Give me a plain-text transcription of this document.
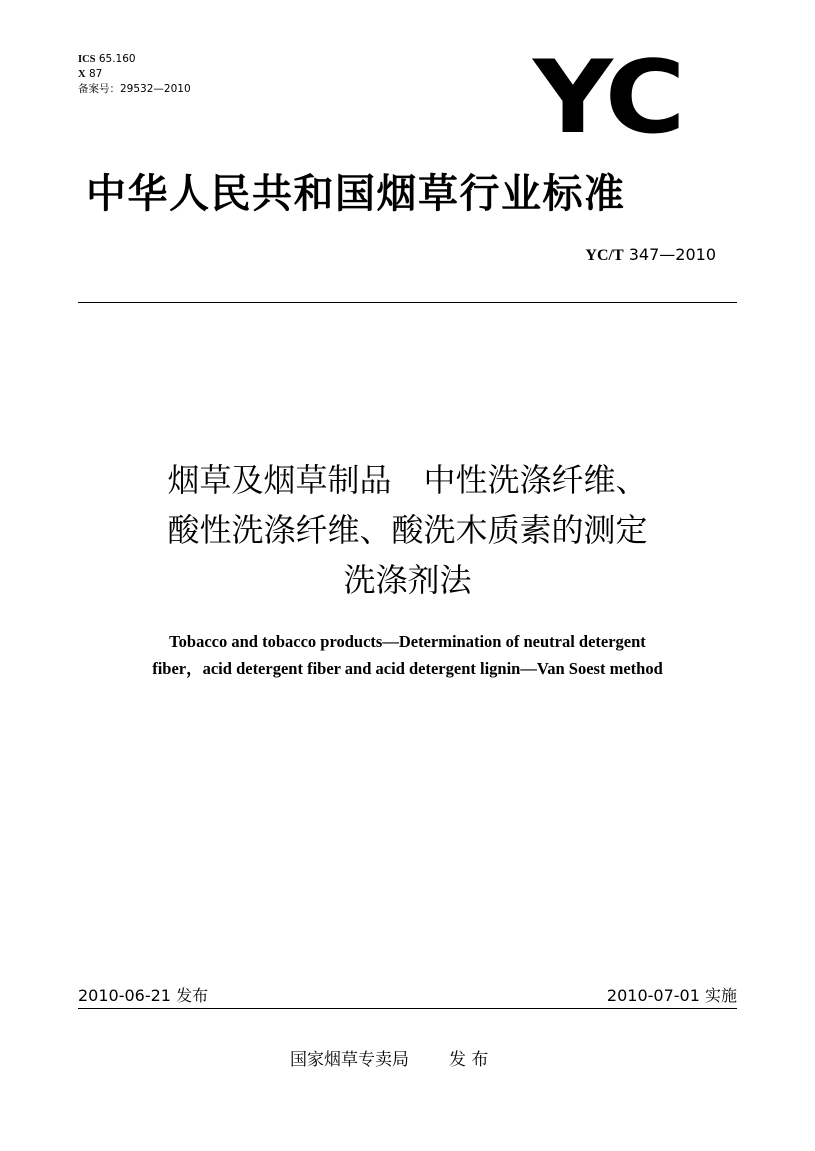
ICS 65.160
X 87
备案号：29532—2010	YC
中华人民共和国烟草行业标准
YC/T 347—2010
烟草及烟草制品　中性洗涤纤维、
酸性洗涤纤维、酸洗木质素的测定
洗涤剂法
Tobacco and tobacco products—Determination of neutral detergent
fiber，acid detergent fiber and acid detergent lignin—Van Soest method
2010-06-21 发布	2010-07-01 实施
国家烟草专卖局 发 布
